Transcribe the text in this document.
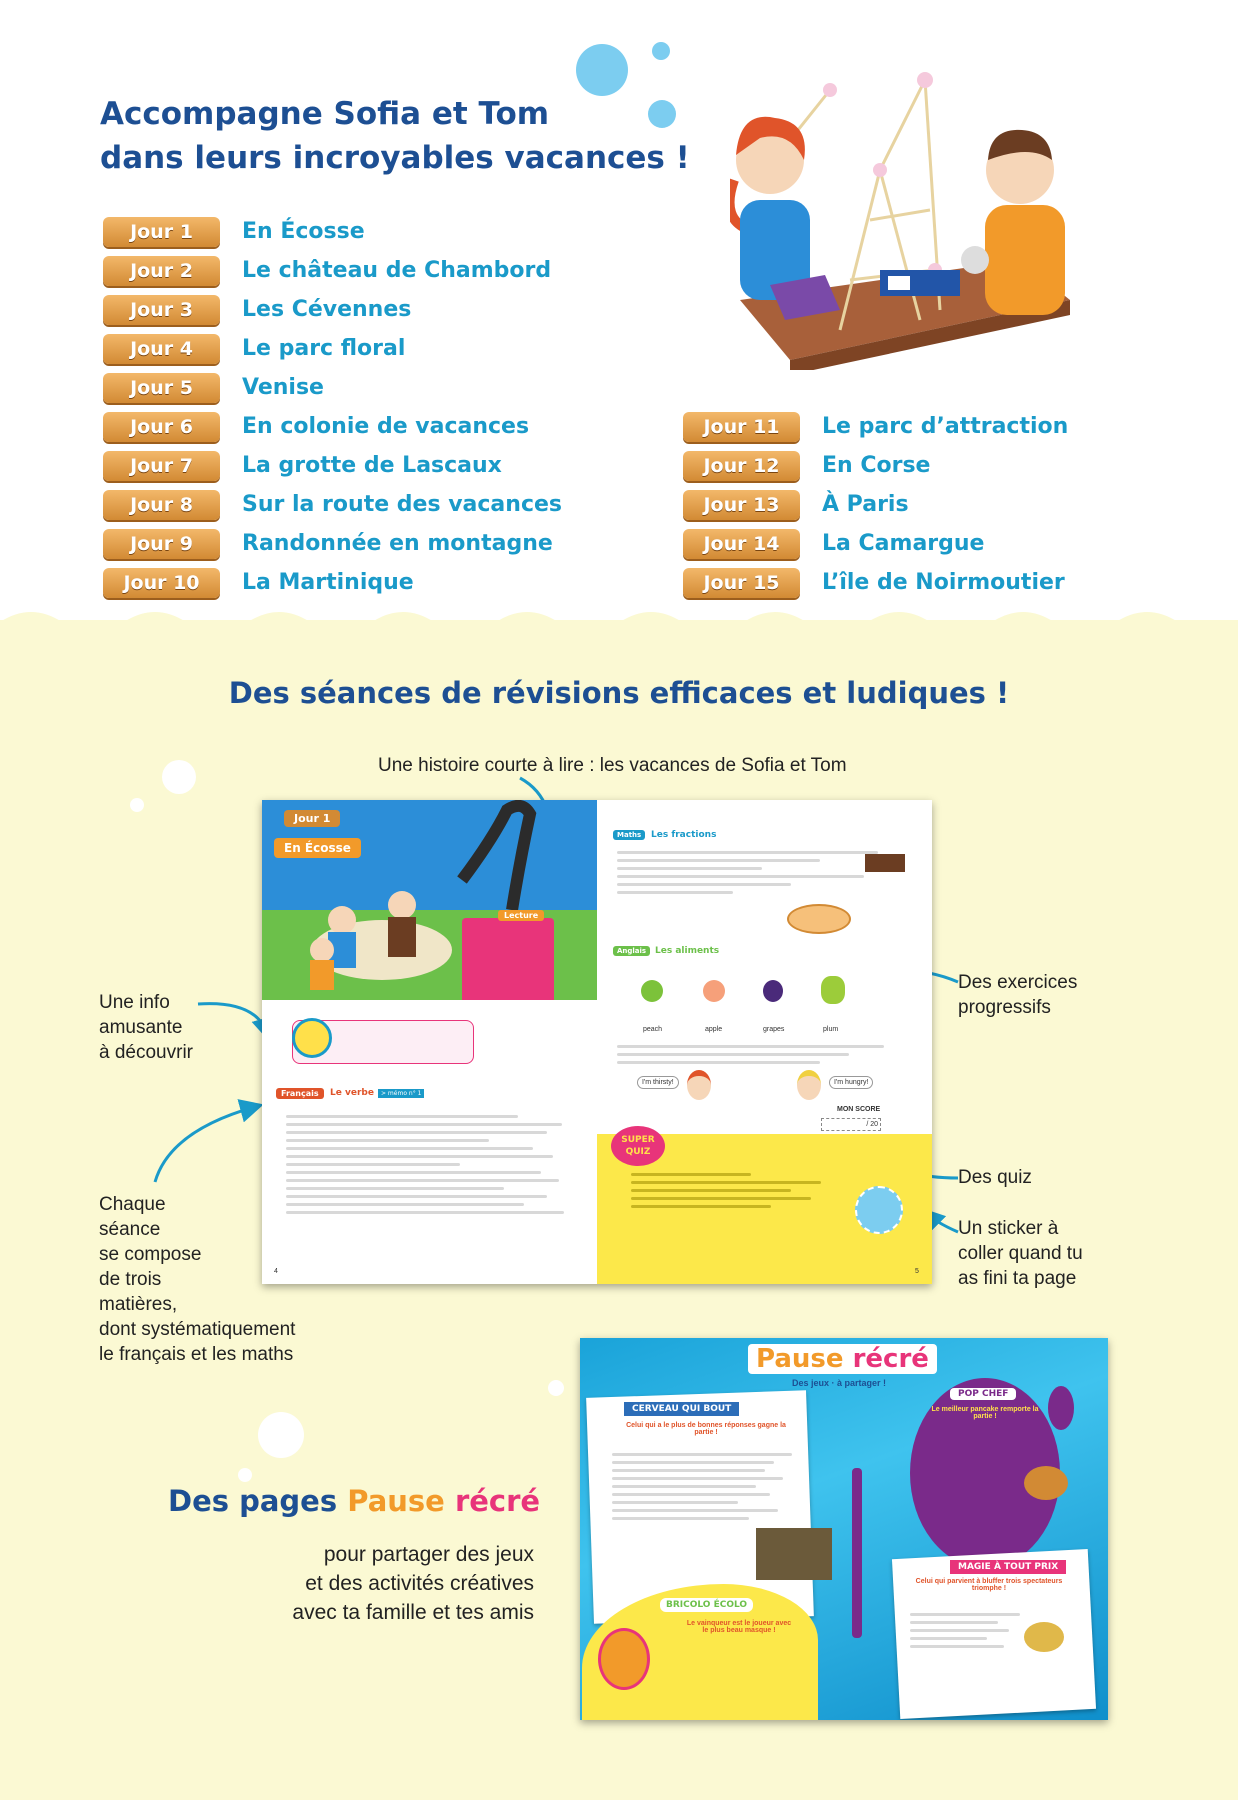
Accompagne Sofia et Tom
dans leurs incroyables vacances !
Jour 1	En Écosse
Jour 2	Le château de Chambord
Jour 3	Les Cévennes
Jour 4	Le parc floral
Jour 5	Venise
Jour 6	En colonie de vacances
Jour 7	La grotte de Lascaux
Jour 8	Sur la route des vacances
Jour 9	Randonnée en montagne
Jour 10	La Martinique
Jour 11	Le parc d’attraction
Jour 12	En Corse
Jour 13	À Paris
Jour 14	La Camargue
Jour 15	L’île de Noirmoutier
Des séances de révisions efficaces et ludiques !
Une histoire courte à lire : les vacances de Sofia et Tom
Une info
amusante
à découvrir
Des exercices
progressifs
Des quiz
Un sticker à
coller quand tu
as fini ta page
Chaque
séance
se compose
de trois
matières,
dont systématiquement
le français et les maths
Jour 1
En Écosse
Lecture
Français	Le verbe	> mémo n° 1
4
Maths	Les fractions
Anglais Les aliments
peach	apple	grapes	plum
I'm thirsty!	I'm hungry!
MON SCORE
/ 20
SUPER
QUIZ
5
Des pages Pause récré
pour partager des jeux
et des activités créatives
avec ta famille et tes amis
Pause récré
Des jeux · à partager !
CERVEAU QUI BOUT
Celui qui a le plus de bonnes réponses gagne la partie !
BRICOLO ÉCOLO
Le vainqueur est le joueur avec le plus beau masque !
POP CHEF
Le meilleur pancake remporte la partie !
MAGIE À TOUT PRIX
Celui qui parvient à bluffer trois spectateurs triomphe !
